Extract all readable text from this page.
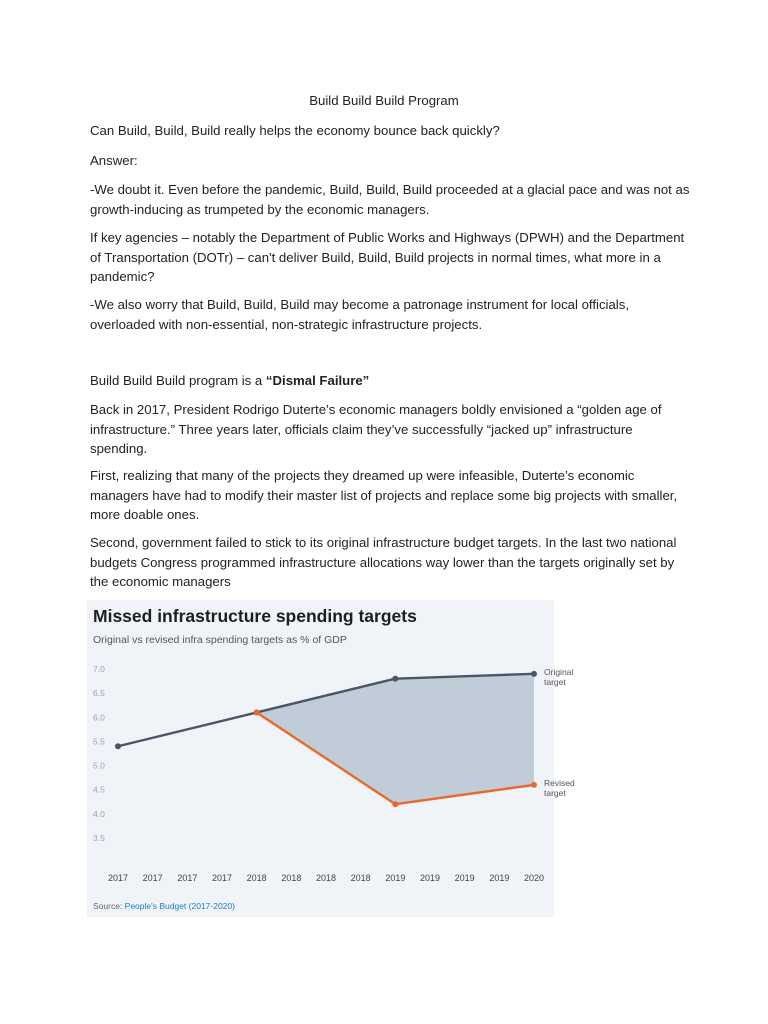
Build Build Build Program
Can Build, Build, Build really helps the economy bounce back quickly?
Answer:
-We doubt it. Even before the pandemic, Build, Build, Build proceeded at a glacial pace and was not as growth-inducing as trumpeted by the economic managers.
If key agencies – notably the Department of Public Works and Highways (DPWH) and the Department of Transportation (DOTr) – can't deliver Build, Build, Build projects in normal times, what more in a pandemic?
-We also worry that Build, Build, Build may become a patronage instrument for local officials, overloaded with non-essential, non-strategic infrastructure projects.
Build Build Build program is a “Dismal Failure”
Back in 2017, President Rodrigo Duterte’s economic managers boldly envisioned a “golden age of infrastructure.” Three years later, officials claim they’ve successfully “jacked up” infrastructure spending.
First, realizing that many of the projects they dreamed up were infeasible, Duterte’s economic managers have had to modify their master list of projects and replace some big projects with smaller, more doable ones.
Second, government failed to stick to its original infrastructure budget targets. In the last two national budgets Congress programmed infrastructure allocations way lower than the targets originally set by the economic managers
3.5
4.0
4.5
5.0
5.5
6.0
6.5
7.0
2017 2017 2017 2017 2018 2018 2018 2018 2019 2019 2019 2019 2020
Original target
Revised target
Missed infrastructure spending targets
Original vs revised infra spending targets as % of GDP
Source: People's Budget (2017-2020)
